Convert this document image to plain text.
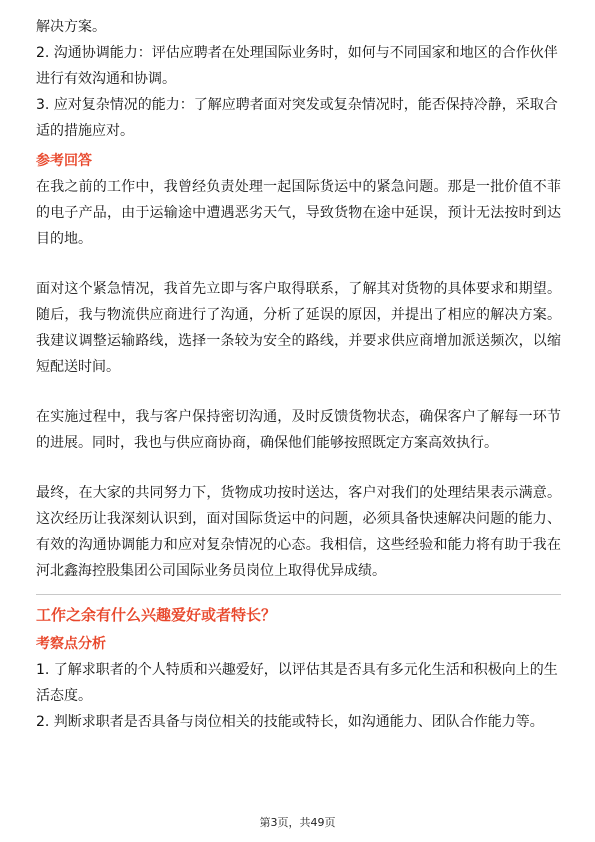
解决方案。

2. 沟通协调能力：评估应聘者在处理国际业务时，如何与不同国家和地区的合作伙伴进行有效沟通和协调。

3. 应对复杂情况的能力：了解应聘者面对突发或复杂情况时，能否保持冷静，采取合适的措施应对。

参考回答

在我之前的工作中，我曾经负责处理一起国际货运中的紧急问题。那是一批价值不菲的电子产品，由于运输途中遭遇恶劣天气，导致货物在途中延误，预计无法按时到达目的地。

面对这个紧急情况，我首先立即与客户取得联系，了解其对货物的具体要求和期望。随后，我与物流供应商进行了沟通，分析了延误的原因，并提出了相应的解决方案。我建议调整运输路线，选择一条较为安全的路线，并要求供应商增加派送频次，以缩短配送时间。

在实施过程中，我与客户保持密切沟通，及时反馈货物状态，确保客户了解每一环节的进展。同时，我也与供应商协商，确保他们能够按照既定方案高效执行。

最终，在大家的共同努力下，货物成功按时送达，客户对我们的处理结果表示满意。这次经历让我深刻认识到，面对国际货运中的问题，必须具备快速解决问题的能力、有效的沟通协调能力和应对复杂情况的心态。我相信，这些经验和能力将有助于我在河北鑫海控股集团公司国际业务员岗位上取得优异成绩。

工作之余有什么兴趣爱好或者特长？

考察点分析

1. 了解求职者的个人特质和兴趣爱好，以评估其是否具有多元化生活和积极向上的生活态度。

2. 判断求职者是否具备与岗位相关的技能或特长，如沟通能力、团队合作能力等。

第3页，共49页
